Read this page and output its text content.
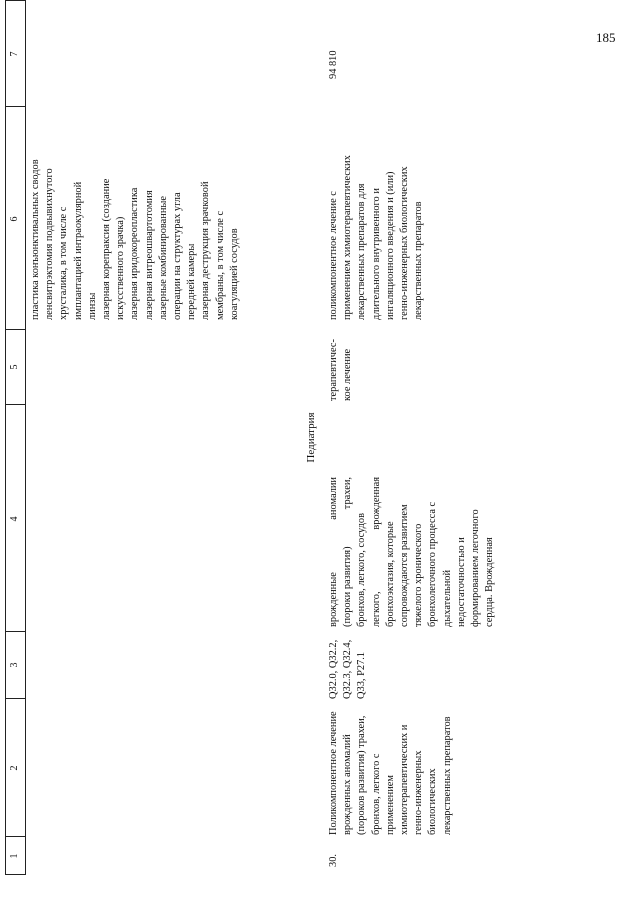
185
1
2
3
4
5
6
7
пластика конъюнктивальных сводов ленсвитрэктомия подвывихнутого хрусталика, в том числе с имплантацией интраокулярной линзы лазерная корепраксия (создание искусственного зрачка) лазерная иридокореопластика лазерная витреошвартотомия лазерные комбинированные операции на структурах угла передней камеры лазерная деструкция зрачковой мембраны, в том числе с коагуляцией сосудов
Педиатрия
30.
Поликомпонентное лечение врожденных аномалий (пороков развития) трахеи, бронхов, легкого с применением химиотерапевтических и генно-инженерных биологических лекарственных препаратов
Q32.0, Q32.2, Q32.3, Q32.4, Q33, P27.1
врожденные
аномалии
(пороки развития)
трахеи,
бронхов, легкого, сосудов легкого,
врожденная
бронхоэктазия, которые сопровождаются развитием тяжелого хронического бронхолегочного процесса с дыхательной недостаточностью и формированием легочного сердца. Врожденная
терапевтичес- кое лечение
поликомпонентное лечение с применением химиотерапевтических лекарственных препаратов для длительного внутривенного и ингаляционного введения и (или) генно-инженерных биологических лекарственных препаратов
94 810
